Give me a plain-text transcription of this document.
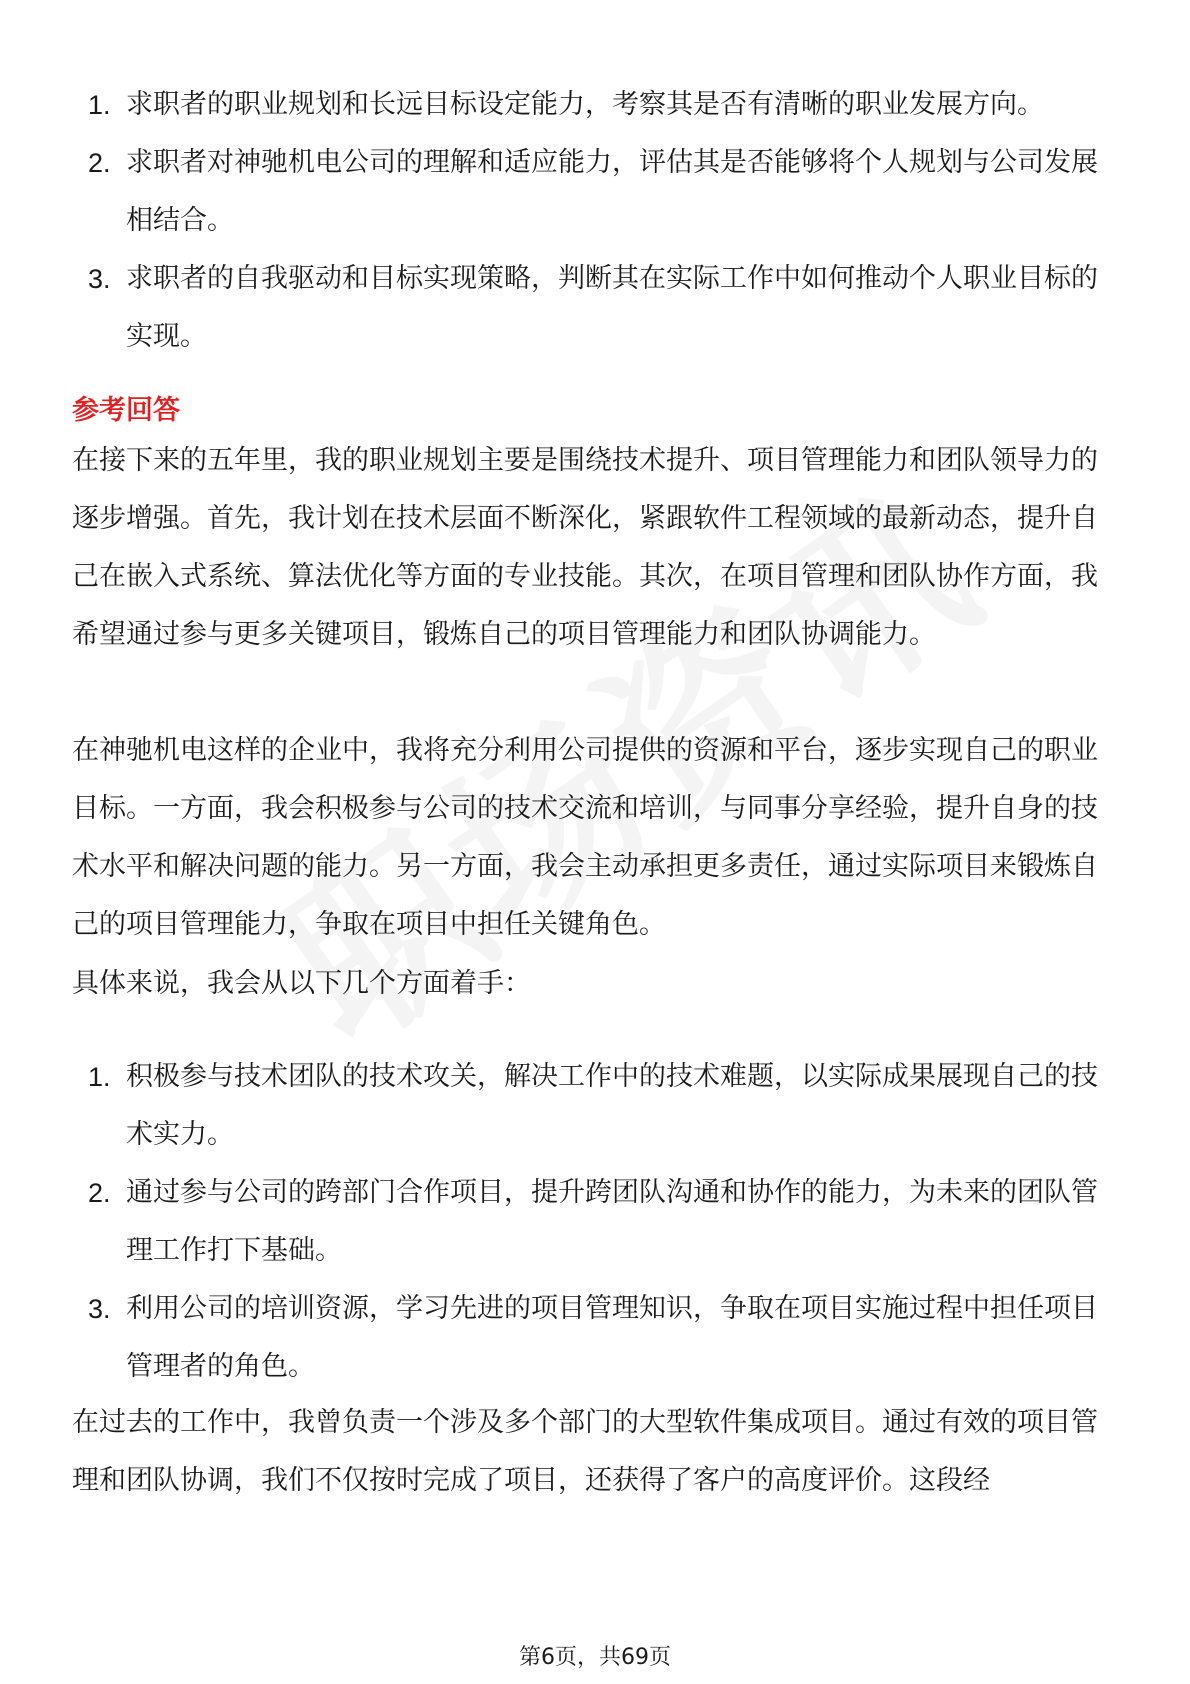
1. 求职者的职业规划和长远目标设定能力，考察其是否有清晰的职业发展方向。
2. 求职者对神驰机电公司的理解和适应能力，评估其是否能够将个人规划与公司发展相结合。
3. 求职者的自我驱动和目标实现策略，判断其在实际工作中如何推动个人职业目标的实现。
参考回答

在接下来的五年里，我的职业规划主要是围绕技术提升、项目管理能力和团队领导力的逐步增强。首先，我计划在技术层面不断深化，紧跟软件工程领域的最新动态，提升自己在嵌入式系统、算法优化等方面的专业技能。其次，在项目管理和团队协作方面，我希望通过参与更多关键项目，锻炼自己的项目管理能力和团队协调能力。

在神驰机电这样的企业中，我将充分利用公司提供的资源和平台，逐步实现自己的职业目标。一方面，我会积极参与公司的技术交流和培训，与同事分享经验，提升自身的技术水平和解决问题的能力。另一方面，我会主动承担更多责任，通过实际项目来锻炼自己的项目管理能力，争取在项目中担任关键角色。

具体来说，我会从以下几个方面着手：

1. 积极参与技术团队的技术攻关，解决工作中的技术难题，以实际成果展现自己的技术实力。
2. 通过参与公司的跨部门合作项目，提升跨团队沟通和协作的能力，为未来的团队管理工作打下基础。
3. 利用公司的培训资源，学习先进的项目管理知识，争取在项目实施过程中担任项目管理者的角色。

在过去的工作中，我曾负责一个涉及多个部门的大型软件集成项目。通过有效的项目管理和团队协调，我们不仅按时完成了项目，还获得了客户的高度评价。这段经

第6页，共69页
